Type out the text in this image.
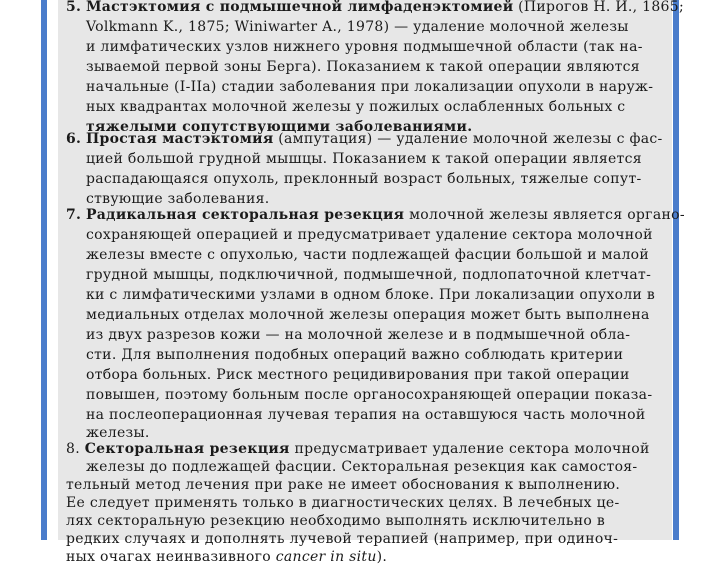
5. Мастэктомия с подмышечной лимфаденэктомией (Пирогов Н. И., 1865;
Volkmann K., 1875; Winiwarter A., 1978) — удаление молочной железы
и лимфатических узлов нижнего уровня подмышечной области (так на-
зываемой первой зоны Берга). Показанием к такой операции являются
начальные (I-IIa) стадии заболевания при локализации опухоли в наруж-
ных квадрантах молочной железы у пожилых ослабленных больных с
тяжелыми сопутствующими заболеваниями.
6. Простая мастэктомия (ампутация) — удаление молочной железы с фас-
цией большой грудной мышцы. Показанием к такой операции является
распадающаяся опухоль, преклонный возраст больных, тяжелые сопут-
ствующие заболевания.
7. Радикальная секторальная резекция молочной железы является органо-
сохраняющей операцией и предусматривает удаление сектора молочной
железы вместе с опухолью, части подлежащей фасции большой и малой
грудной мышцы, подключичной, подмышечной, подлопаточной клетчат-
ки с лимфатическими узлами в одном блоке. При локализации опухоли в
медиальных отделах молочной железы операция может быть выполнена
из двух разрезов кожи — на молочной железе и в подмышечной обла-
сти. Для выполнения подобных операций важно соблюдать критерии
отбора больных. Риск местного рецидивирования при такой операции
повышен, поэтому больным после органосохраняющей операции показа-
на послеоперационная лучевая терапия на оставшуюся часть молочной
железы.
8. Секторальная резекция предусматривает удаление сектора молочной
железы до подлежащей фасции. Секторальная резекция как самостоя-
тельный метод лечения при раке не имеет обоснования к выполнению.
Ее следует применять только в диагностических целях. В лечебных це-
лях секторальную резекцию необходимо выполнять исключительно в
редких случаях и дополнять лучевой терапией (например, при одиноч-
ных очагах неинвазивного cancer in situ).
